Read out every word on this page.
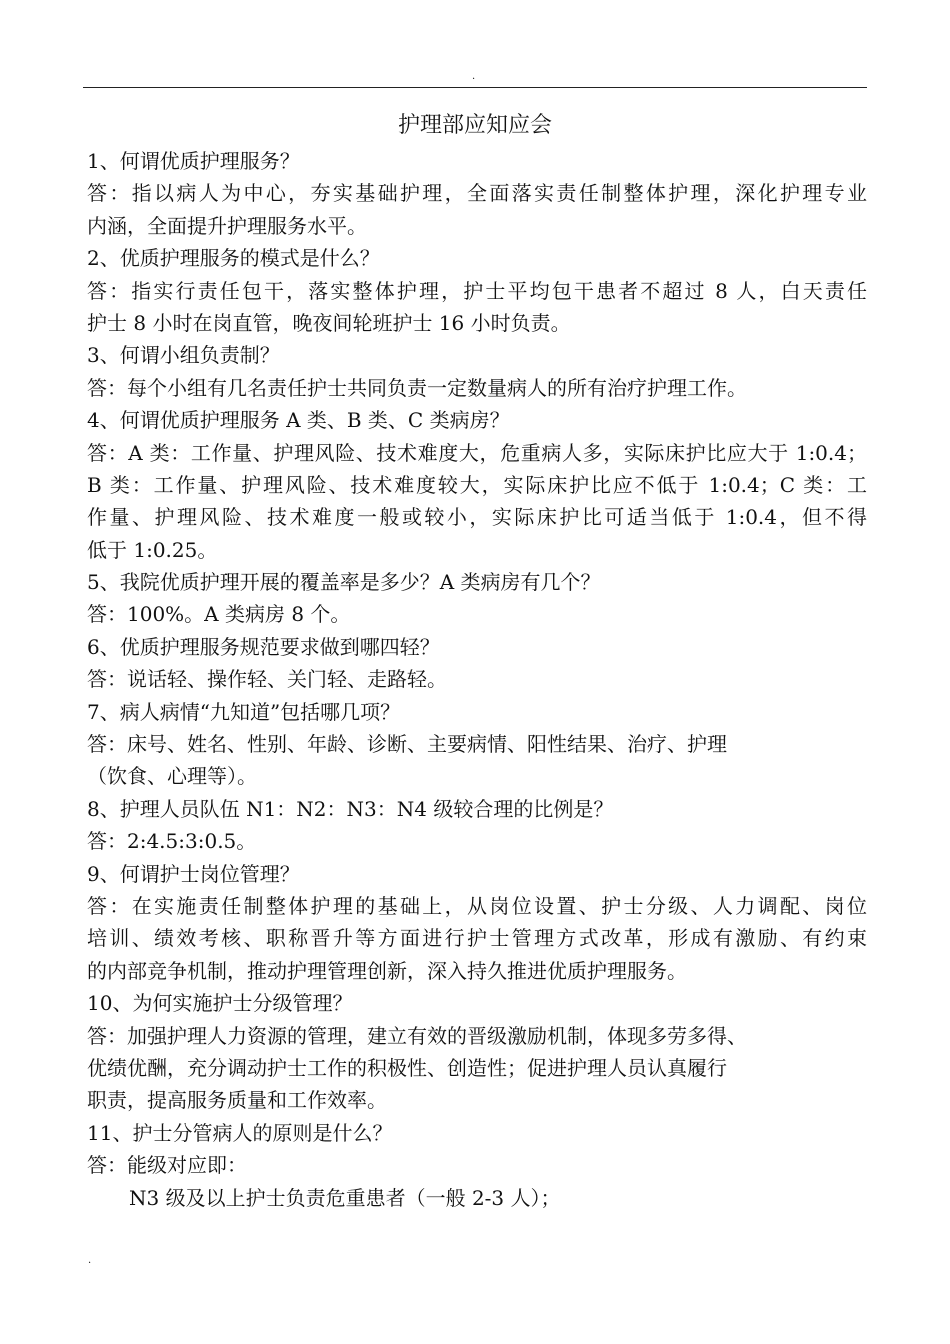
.
护理部应知应会
1、何谓优质护理服务？
答：指以病人为中心，夯实基础护理，全面落实责任制整体护理，深化护理专业
内涵，全面提升护理服务水平。
2、优质护理服务的模式是什么？
答：指实行责任包干，落实整体护理，护士平均包干患者不超过 8 人，白天责任
护士 8 小时在岗直管，晚夜间轮班护士 16 小时负责。
3、何谓小组负责制？
答：每个小组有几名责任护士共同负责一定数量病人的所有治疗护理工作。
4、何谓优质护理服务 A 类、B 类、C 类病房？
答：A 类：工作量、护理风险、技术难度大，危重病人多，实际床护比应大于 1:0.4；
B 类：工作量、护理风险、技术难度较大，实际床护比应不低于 1:0.4；C 类：工
作量、护理风险、技术难度一般或较小，实际床护比可适当低于 1:0.4，但不得
低于 1:0.25。
5、我院优质护理开展的覆盖率是多少？A 类病房有几个？
答：100%。A 类病房 8 个。
6、优质护理服务规范要求做到哪四轻？
答：说话轻、操作轻、关门轻、走路轻。
7、病人病情“九知道”包括哪几项？
答：床号、姓名、性别、年龄、诊断、主要病情、阳性结果、治疗、护理
（饮食、心理等）。
8、护理人员队伍 N1：N2：N3：N4 级较合理的比例是？
答：2:4.5:3:0.5。
9、何谓护士岗位管理？
答：在实施责任制整体护理的基础上，从岗位设置、护士分级、人力调配、岗位
培训、绩效考核、职称晋升等方面进行护士管理方式改革，形成有激励、有约束
的内部竞争机制，推动护理管理创新，深入持久推进优质护理服务。
10、为何实施护士分级管理？
答：加强护理人力资源的管理，建立有效的晋级激励机制，体现多劳多得、
优绩优酬，充分调动护士工作的积极性、创造性；促进护理人员认真履行
职责，提高服务质量和工作效率。
11、护士分管病人的原则是什么？
答：能级对应即：
N3 级及以上护士负责危重患者（一般 2-3 人）；
.
